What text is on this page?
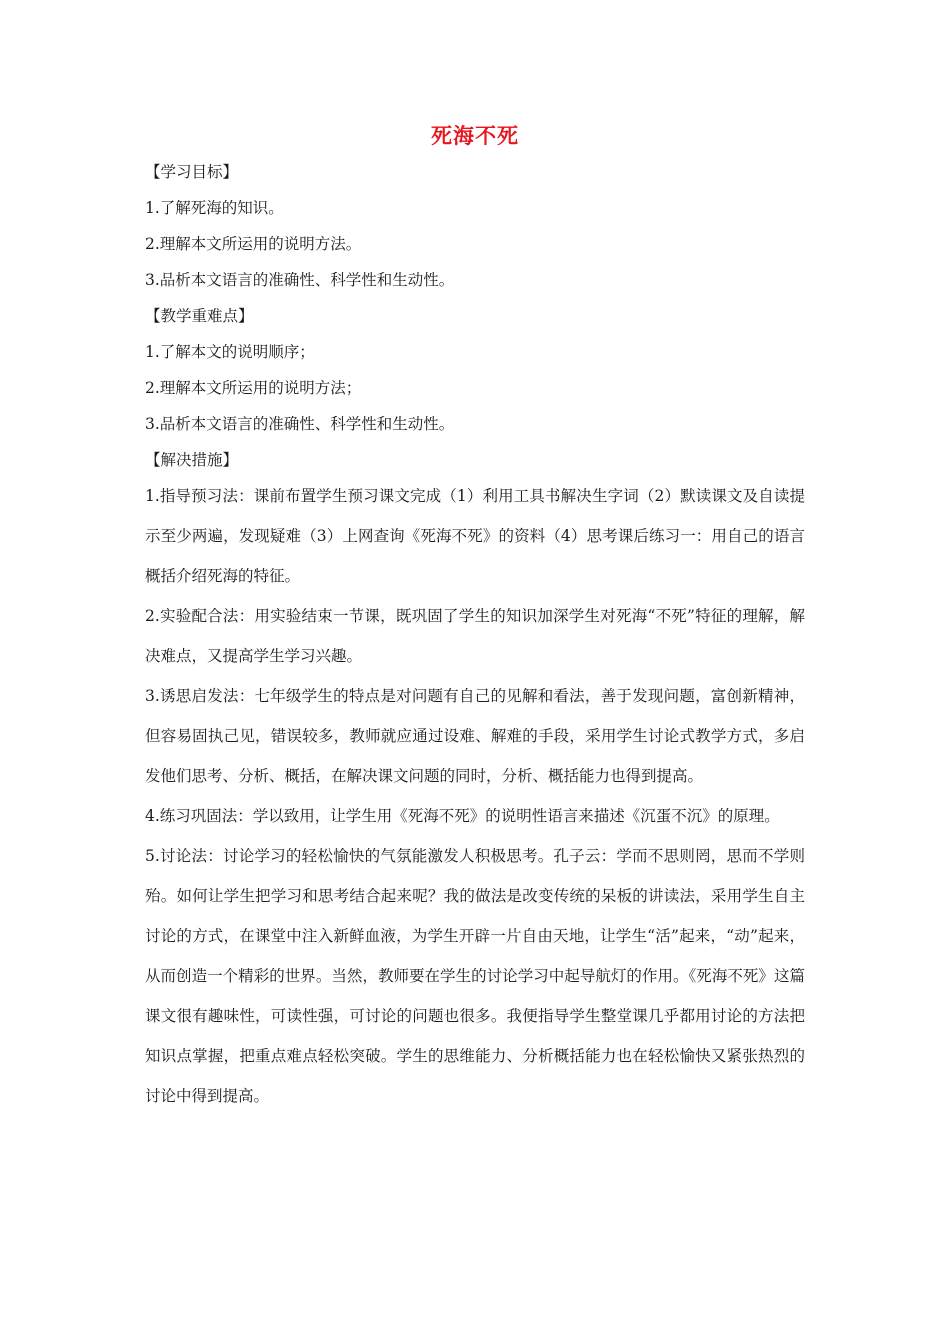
死海不死
【学习目标】
1.了解死海的知识。
2.理解本文所运用的说明方法。
3.品析本文语言的准确性、科学性和生动性。
【教学重难点】
1.了解本文的说明顺序；
2.理解本文所运用的说明方法；
3.品析本文语言的准确性、科学性和生动性。
【解决措施】

1.指导预习法：课前布置学生预习课文完成（1）利用工具书解决生字词（2）默读课文及自读提示至少两遍，发现疑难（3）上网查询《死海不死》的资料（4）思考课后练习一：用自己的语言概括介绍死海的特征。

2.实验配合法：用实验结束一节课，既巩固了学生的知识加深学生对死海“不死”特征的理解，解决难点，又提高学生学习兴趣。

3.诱思启发法：七年级学生的特点是对问题有自己的见解和看法，善于发现问题，富创新精神，但容易固执己见，错误较多，教师就应通过设难、解难的手段，采用学生讨论式教学方式，多启发他们思考、分析、概括，在解决课文问题的同时，分析、概括能力也得到提高。

4.练习巩固法：学以致用，让学生用《死海不死》的说明性语言来描述《沉蛋不沉》的原理。

5.讨论法：讨论学习的轻松愉快的气氛能激发人积极思考。孔子云：学而不思则罔，思而不学则殆。如何让学生把学习和思考结合起来呢？我的做法是改变传统的呆板的讲读法，采用学生自主讨论的方式，在课堂中注入新鲜血液，为学生开辟一片自由天地，让学生“活”起来，“动”起来，从而创造一个精彩的世界。当然，教师要在学生的讨论学习中起导航灯的作用。《死海不死》这篇课文很有趣味性，可读性强，可讨论的问题也很多。我便指导学生整堂课几乎都用讨论的方法把知识点掌握，把重点难点轻松突破。学生的思维能力、分析概括能力也在轻松愉快又紧张热烈的讨论中得到提高。
